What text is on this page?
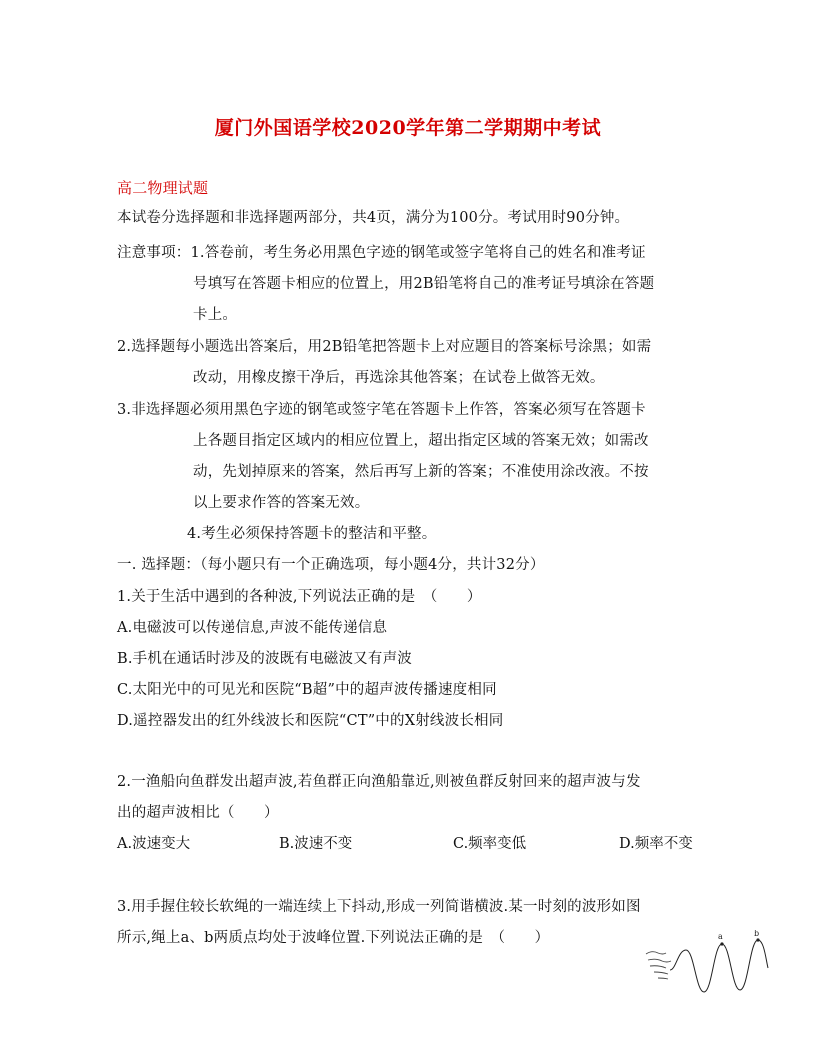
厦门外国语学校2020学年第二学期期中考试
高二物理试题
本试卷分选择题和非选择题两部分，共4页，满分为100分。考试用时90分钟。
注意事项：1.答卷前，考生务必用黑色字迹的钢笔或签字笔将自己的姓名和准考证
号填写在答题卡相应的位置上，用2B铅笔将自己的准考证号填涂在答题
卡上。
2.选择题每小题选出答案后，用2B铅笔把答题卡上对应题目的答案标号涂黑；如需
改动，用橡皮擦干净后，再选涂其他答案；在试卷上做答无效。
3.非选择题必须用黑色字迹的钢笔或签字笔在答题卡上作答，答案必须写在答题卡
上各题目指定区域内的相应位置上，超出指定区域的答案无效；如需改
动，先划掉原来的答案，然后再写上新的答案；不准使用涂改液。不按
以上要求作答的答案无效。
4.考生必须保持答题卡的整洁和平整。
一. 选择题：（每小题只有一个正确选项，每小题4分，共计32分）
1.关于生活中遇到的各种波,下列说法正确的是　（　　）
A.电磁波可以传递信息,声波不能传递信息
B.手机在通话时涉及的波既有电磁波又有声波
C.太阳光中的可见光和医院“B超”中的超声波传播速度相同
D.遥控器发出的红外线波长和医院“CT”中的X射线波长相同
2.一渔船向鱼群发出超声波,若鱼群正向渔船靠近,则被鱼群反射回来的超声波与发
出的超声波相比（　　）
A.波速变大	B.波速不变	C.频率变低	D.频率不变
3.用手握住较长软绳的一端连续上下抖动,形成一列简谐横波.某一时刻的波形如图
所示,绳上a、b两质点均处于波峰位置.下列说法正确的是　（　　）	a	b
